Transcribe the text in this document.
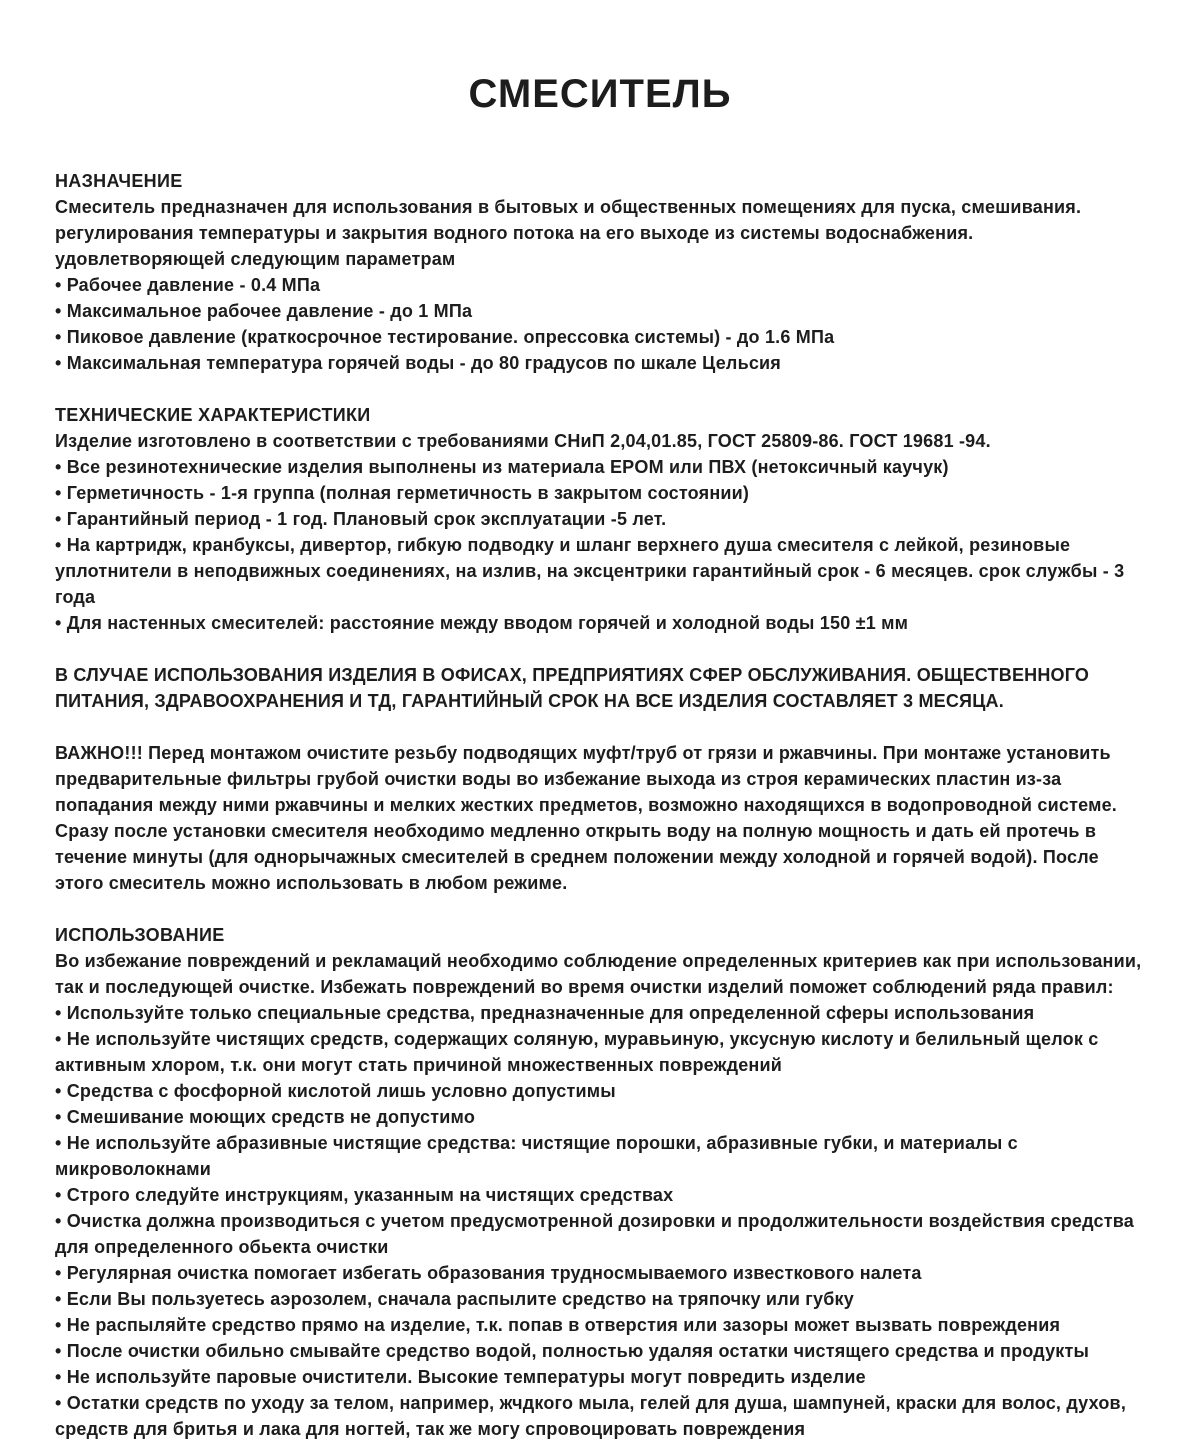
СМЕСИТЕЛЬ
НАЗНАЧЕНИЕ

Смеситель предназначен для использования в бытовых и общественных помещениях для пуска, смешивания. регулирования температуры и закрытия водного потока на его выходе из системы водоснабжения. удовлетворяющей следующим параметрам

• Рабочее давление - 0.4 МПа

• Максимальное рабочее давление - до 1 МПа

• Пиковое давление (краткосрочное тестирование. опрессовка системы) - до 1.6 МПа

• Максимальная температура горячей воды - до 80 градусов по шкале Цельсия

ТЕХНИЧЕСКИЕ ХАРАКТЕРИСТИКИ

Изделие изготовлено в соответствии с требованиями СНиП 2,04,01.85, ГОСТ 25809-86. ГОСТ 19681 -94.

• Все резинотехнические изделия выполнены из материала EPOM или ПВХ (нетоксичный каучук)

• Герметичность - 1-я группа (полная герметичность в закрытом состоянии)

• Гарантийный период - 1 год. Плановый срок эксплуатации -5 лет.

• На картридж, кранбуксы, дивертор, гибкую подводку и шланг верхнего душа смесителя с лейкой, резиновые уплотнители в неподвижных соединениях, на излив, на эксцентрики гарантийный срок - 6 месяцев. срок службы - 3 года

• Для настенных смесителей: расстояние между вводом горячей и холодной воды 150 ±1 мм

В СЛУЧАЕ ИСПОЛЬЗОВАНИЯ ИЗДЕЛИЯ В ОФИСАХ, ПРЕДПРИЯТИЯХ СФЕР ОБСЛУЖИВАНИЯ. ОБЩЕСТВЕННОГО ПИТАНИЯ, ЗДРАВООХРАНЕНИЯ И ТД, ГАРАНТИЙНЫЙ СРОК НА ВСЕ ИЗДЕЛИЯ СОСТАВЛЯЕТ 3 МЕСЯЦА.

ВАЖНО!!! Перед монтажом очистите резьбу подводящих муфт/труб от грязи и ржавчины. При монтаже установить предварительные фильтры грубой очистки воды во избежание выхода из строя керамических пластин из-за попадания между ними ржавчины и мелких жестких предметов, возможно находящихся в водопроводной системе. Сразу после установки смесителя необходимо медленно открыть воду на полную мощность и дать ей протечь в течение минуты (для однорычажных смесителей в среднем положении между холодной и горячей водой). После этого смеситель можно использовать в любом режиме.

ИСПОЛЬЗОВАНИЕ

Во избежание повреждений и рекламаций необходимо соблюдение определенных критериев как при использовании, так и последующей очистке. Избежать повреждений во время очистки изделий поможет соблюдений ряда правил:

• Используйте только специальные средства, предназначенные для определенной сферы использования

• Не используйте чистящих средств, содержащих соляную, муравьиную, уксусную кислоту и белильный щелок с активным хлором, т.к. они могут стать причиной множественных повреждений

• Средства с фосфорной кислотой лишь условно допустимы

• Смешивание моющих средств не допустимо

• Не используйте абразивные чистящие средства: чистящие порошки, абразивные губки, и материалы с микроволокнами

• Строго следуйте инструкциям, указанным на чистящих средствах

• Очистка должна производиться с учетом предусмотренной дозировки и продолжительности воздействия средства для определенного обьекта очистки

• Регулярная очистка помогает избегать образования трудносмываемого известкового налета

• Если Вы пользуетесь аэрозолем, сначала распылите средство на тряпочку или губку

• Не распыляйте средство прямо на изделие, т.к. попав в отверстия или зазоры может вызвать повреждения

• После очистки обильно смывайте средство водой, полностью удаляя остатки чистящего средства и продукты

• Не используйте паровые очистители. Высокие температуры могут повредить изделие

• Остатки средств по уходу за телом, например, жчдкого мыла, гелей для душа, шампуней, краски для волос, духов, средств для бритья и лака для ногтей, так же могу спровоцировать повреждения
